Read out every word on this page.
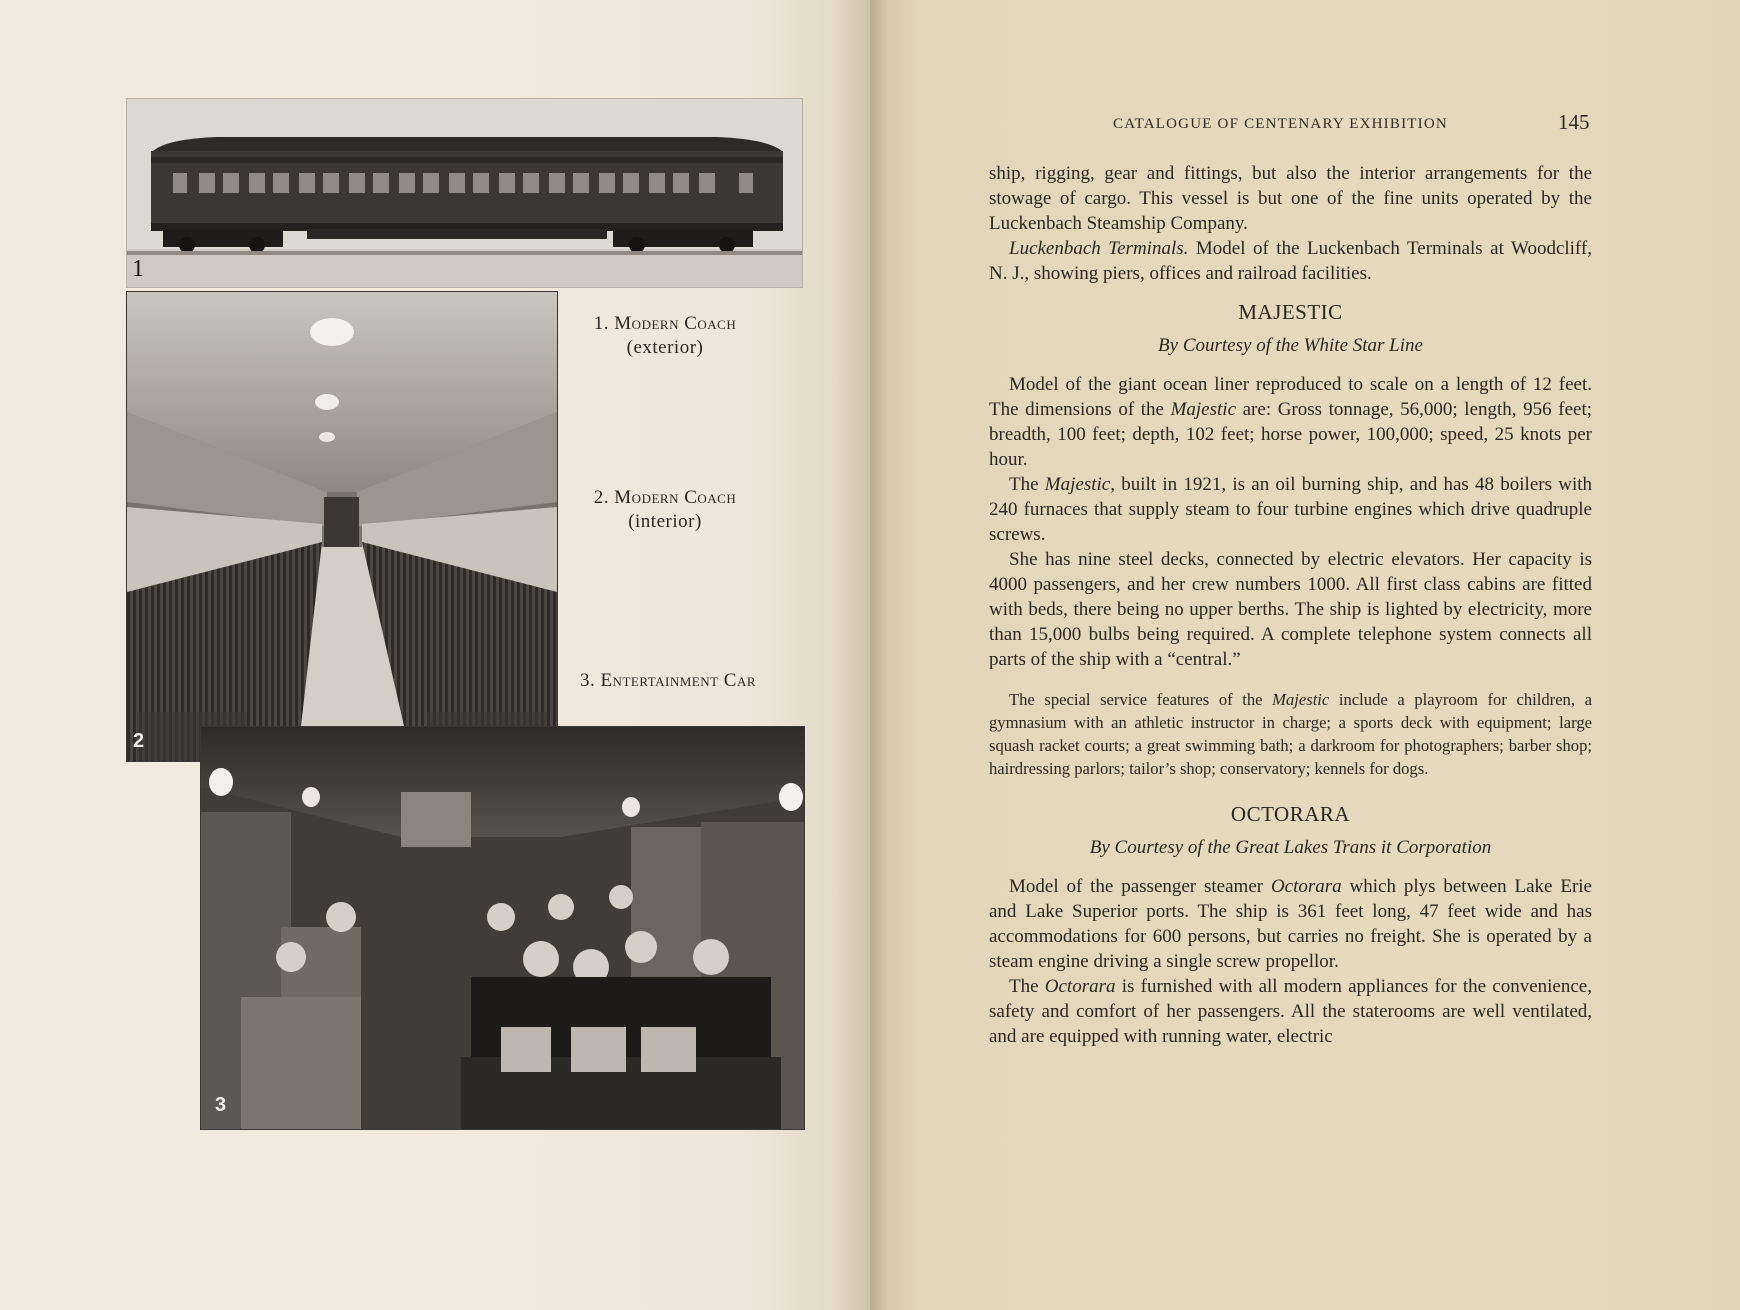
1
2
3
1. Modern Coach
(exterior)
2. Modern Coach
(interior)
3. Entertainment Car
CATALOGUE OF CENTENARY EXHIBITION	145

ship, rigging, gear and fittings, but also the interior arrangements for the stowage of cargo. This vessel is but one of the fine units operated by the Luckenbach Steamship Company.

Luckenbach Terminals. Model of the Luckenbach Terminals at Woodcliff, N. J., showing piers, offices and railroad facilities.

MAJESTIC
By Courtesy of the White Star Line

Model of the giant ocean liner reproduced to scale on a length of 12 feet. The dimensions of the Majestic are: Gross tonnage, 56,000; length, 956 feet; breadth, 100 feet; depth, 102 feet; horse power, 100,000; speed, 25 knots per hour.

The Majestic, built in 1921, is an oil burning ship, and has 48 boilers with 240 furnaces that supply steam to four turbine engines which drive quadruple screws.

She has nine steel decks, connected by electric elevators. Her capacity is 4000 passengers, and her crew numbers 1000. All first class cabins are fitted with beds, there being no upper berths. The ship is lighted by electricity, more than 15,000 bulbs being required. A complete telephone system connects all parts of the ship with a “central.”

The special service features of the Majestic include a playroom for children, a gymnasium with an athletic instructor in charge; a sports deck with equipment; large squash racket courts; a great swimming bath; a darkroom for photographers; barber shop; hairdressing parlors; tailor’s shop; conservatory; kennels for dogs.

OCTORARA
By Courtesy of the Great Lakes Trans it Corporation

Model of the passenger steamer Octorara which plys between Lake Erie and Lake Superior ports. The ship is 361 feet long, 47 feet wide and has accommodations for 600 persons, but carries no freight. She is operated by a steam engine driving a single screw propellor.

The Octorara is furnished with all modern appliances for the convenience, safety and comfort of her passengers. All the staterooms are well ventilated, and are equipped with running water, electric
